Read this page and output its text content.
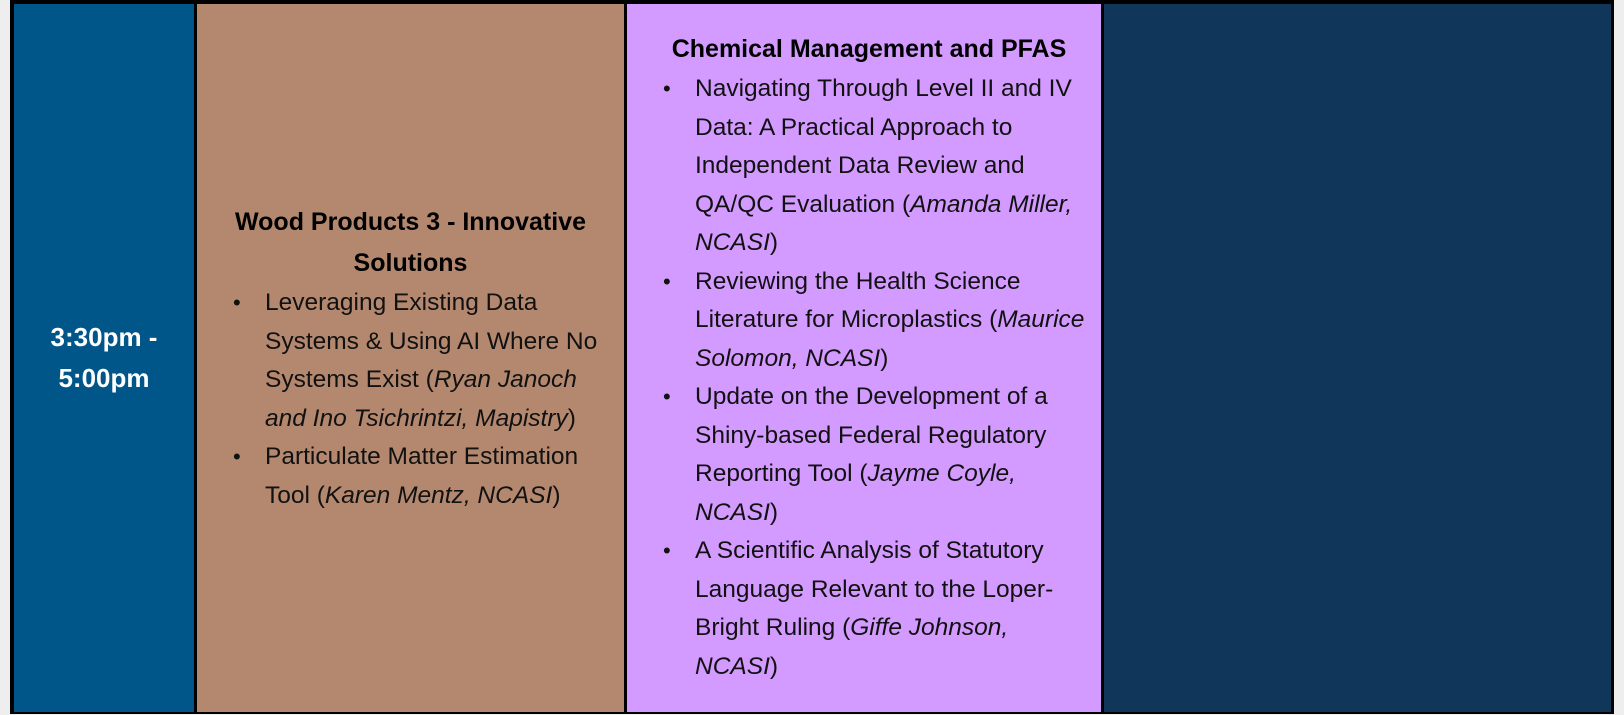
3:30pm -
5:00pm

Wood Products 3 - Innovative
Solutions

• Leveraging Existing Data Systems & Using AI Where No Systems Exist (Ryan Janoch and Ino Tsichrintzi, Mapistry)
• Particulate Matter Estimation Tool (Karen Mentz, NCASI)

Chemical Management and PFAS

• Navigating Through Level II and IV Data: A Practical Approach to Independent Data Review and QA/QC Evaluation (Amanda Miller, NCASI)
• Reviewing the Health Science Literature for Microplastics (Maurice Solomon, NCASI)
• Update on the Development of a Shiny-based Federal Regulatory Reporting Tool (Jayme Coyle, NCASI)
• A Scientific Analysis of Statutory Language Relevant to the Loper-Bright Ruling (Giffe Johnson, NCASI)
